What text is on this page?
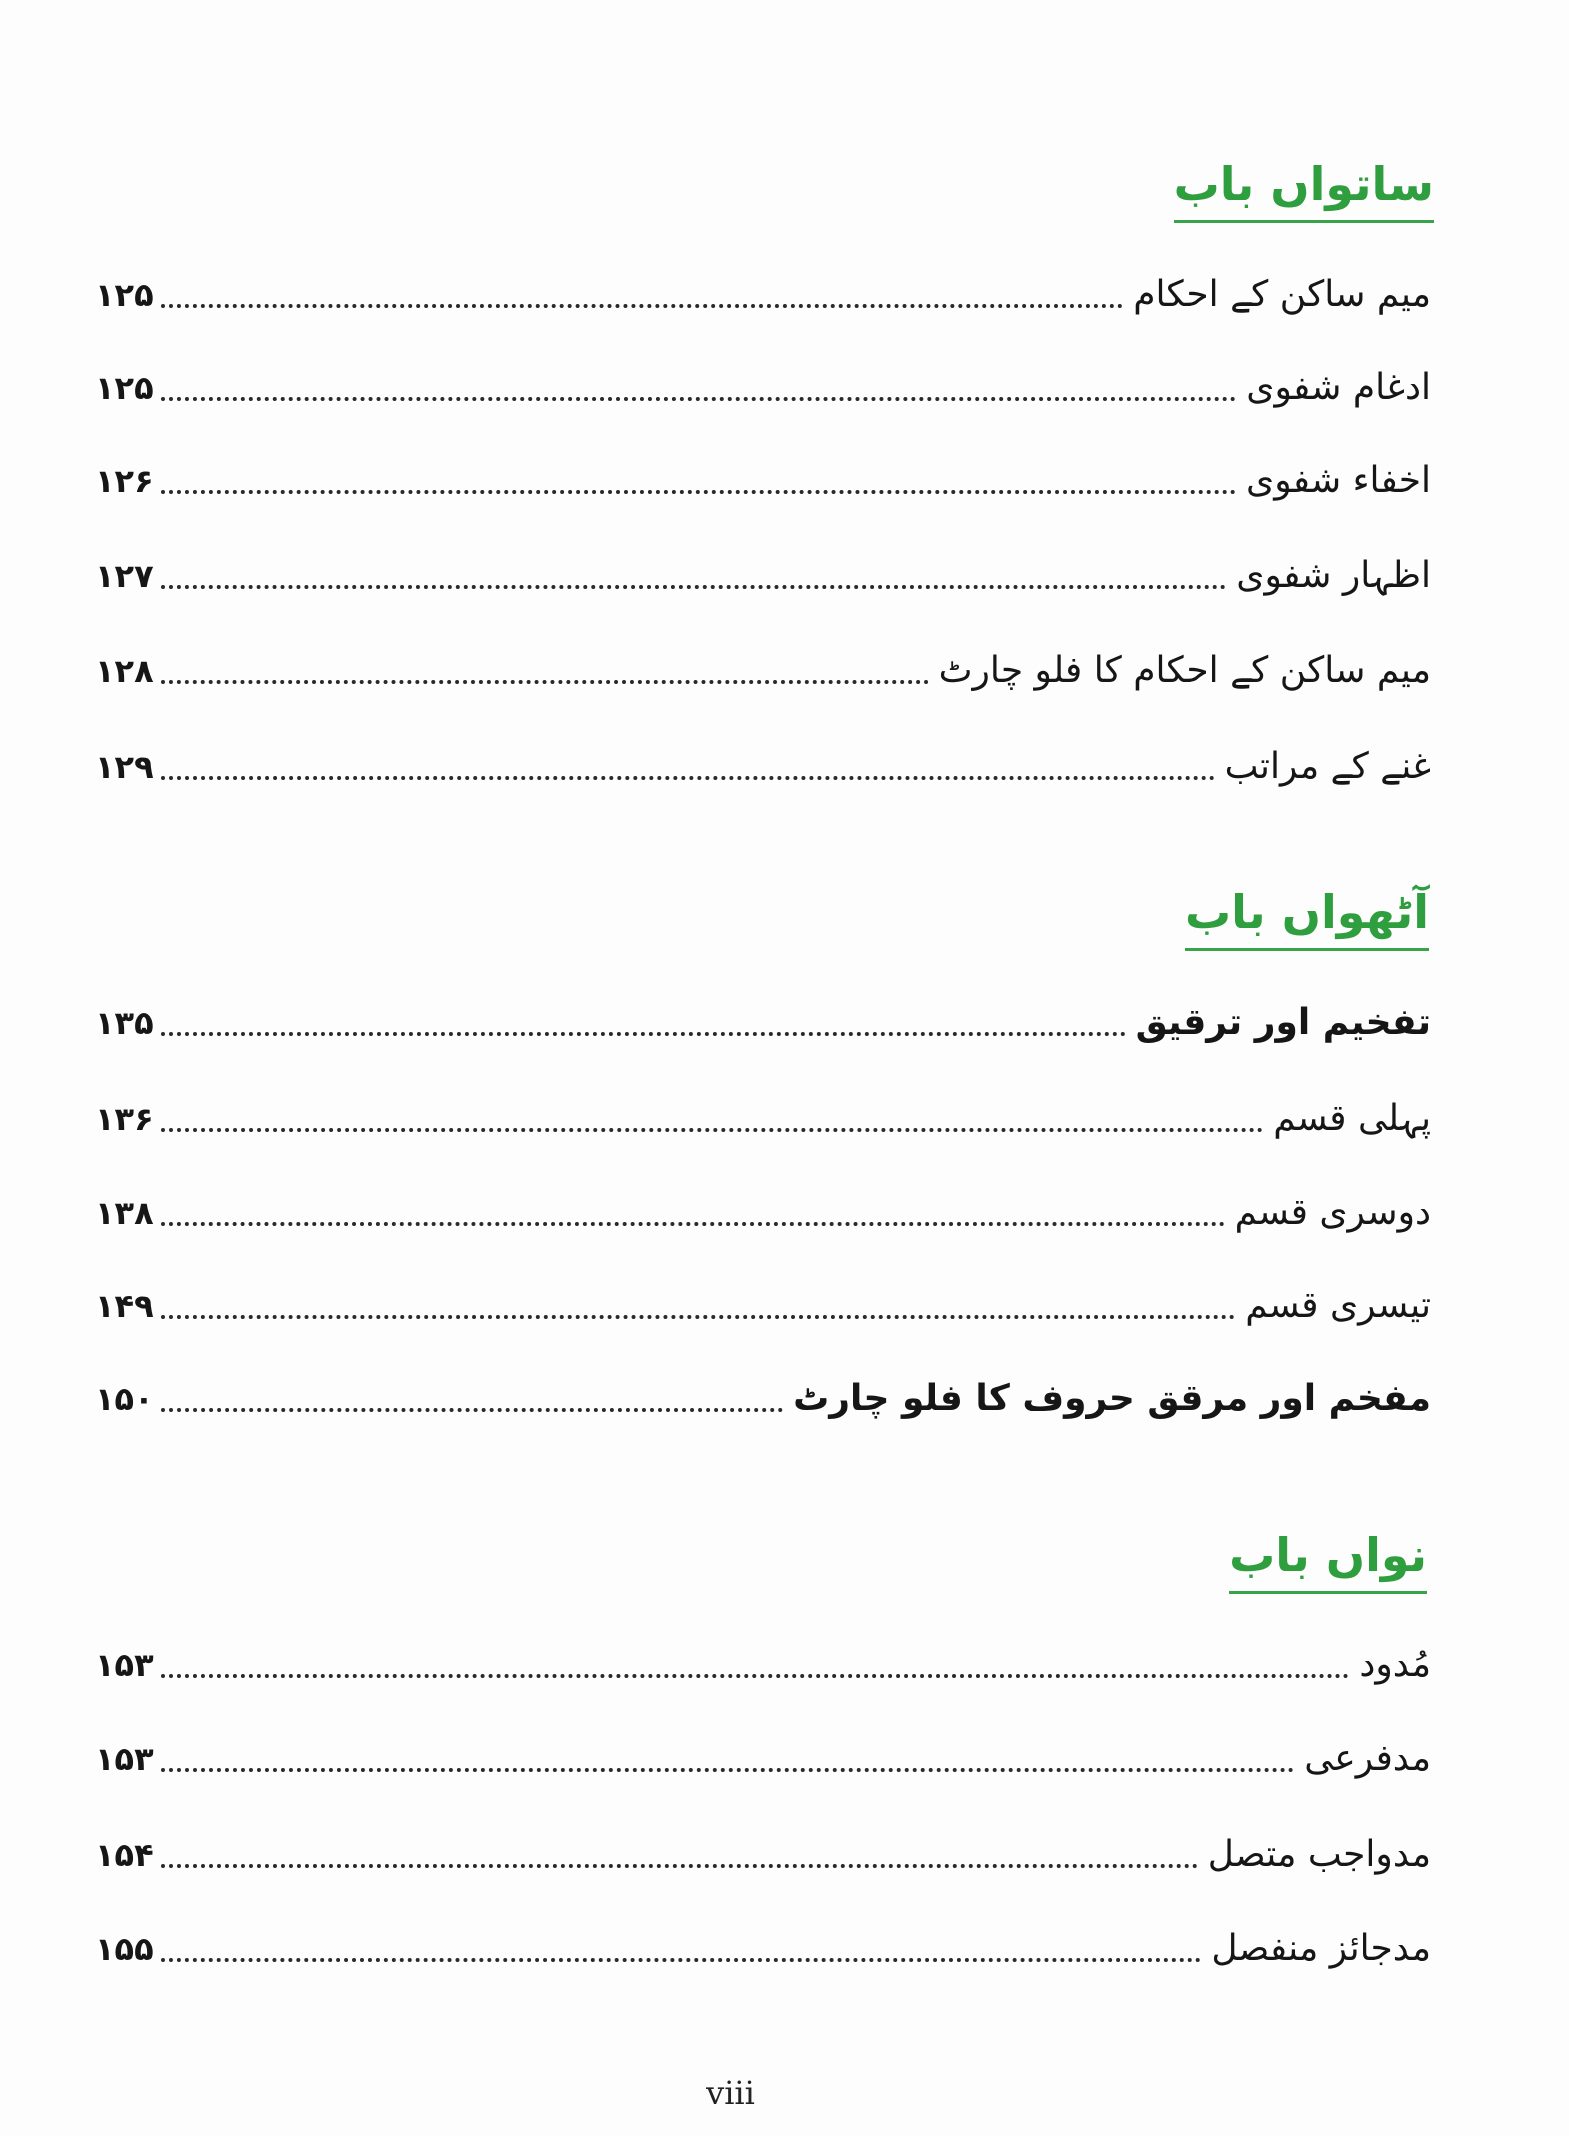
ساتواں باب
میم ساکن کے احکام
۱۲۵
ادغام شفوی
۱۲۵
اخفاء شفوی
۱۲۶
اظہار شفوی
۱۲۷
میم ساکن کے احکام کا فلو چارٹ
۱۲۸
غنے کے مراتب
۱۲۹
آٹھواں باب
تفخیم اور ترقیق
۱۳۵
پہلی قسم
۱۳۶
دوسری قسم
۱۳۸
تیسری قسم
۱۴۹
مفخم اور مرقق حروف کا فلو چارٹ
۱۵۰
نواں باب
مُدود
۱۵۳
مدفرعی
۱۵۳
مدواجب متصل
۱۵۴
مدجائز منفصل
۱۵۵
viii
